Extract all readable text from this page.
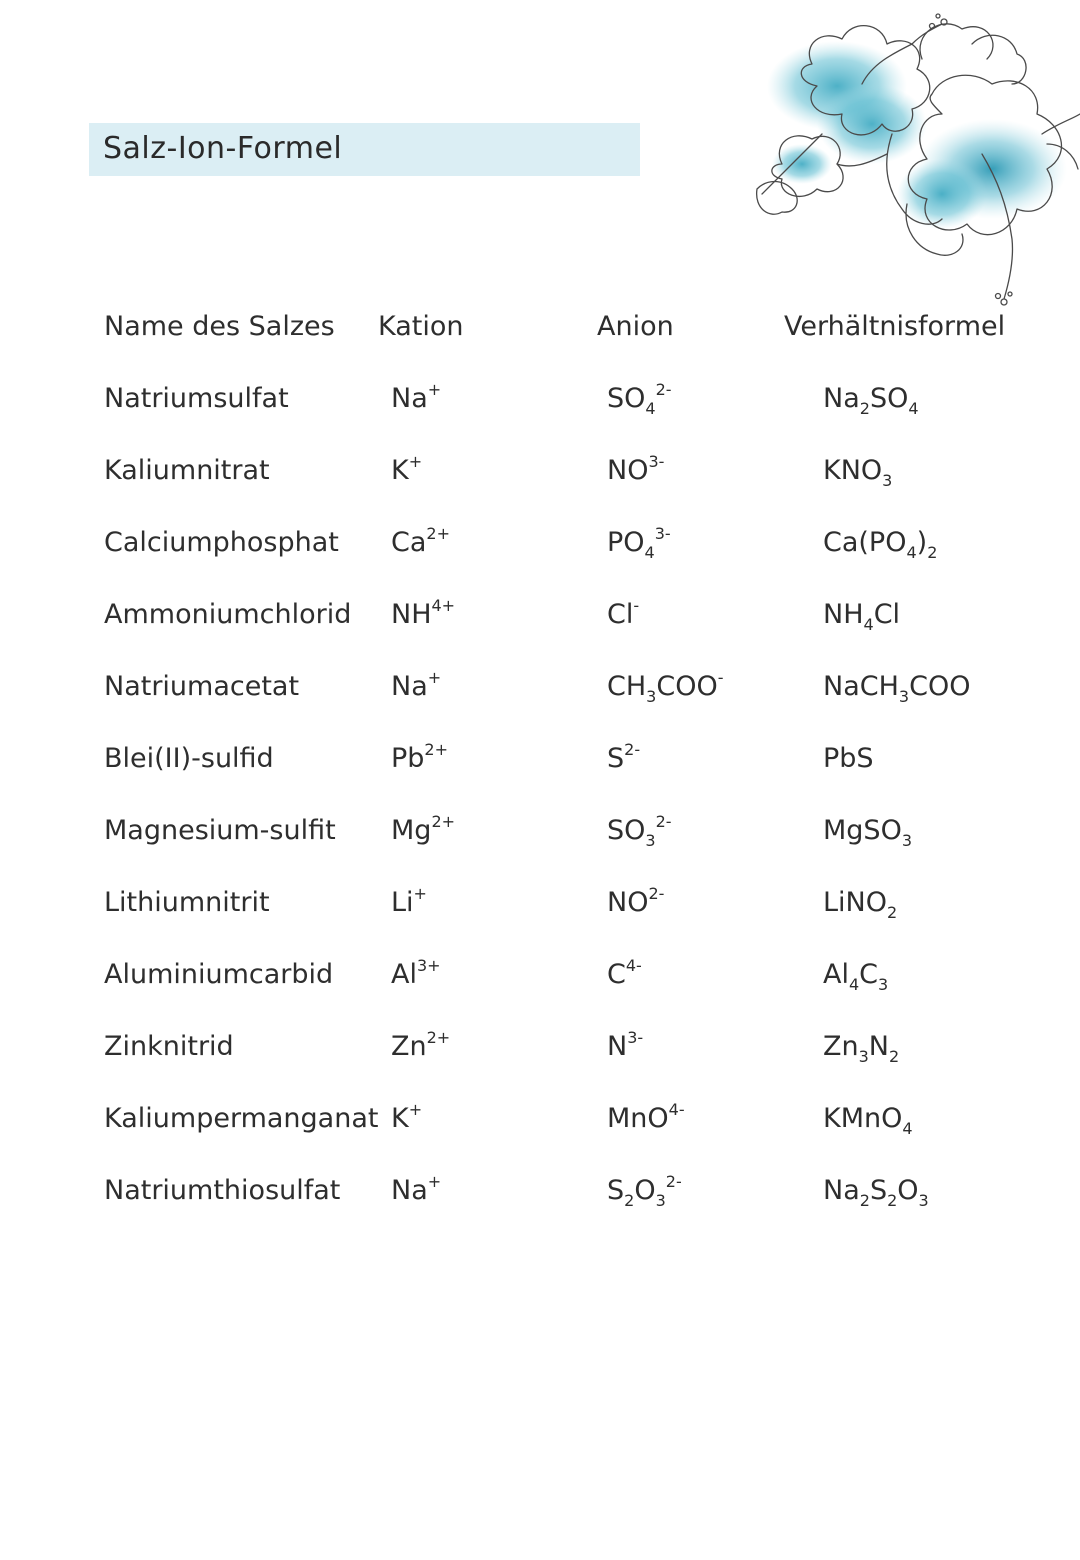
Salz-Ion-Formel
Name des Salzes Kation	Anion	Verhältnisformel
Natriumsulfat	Na+	$SO_4^{2-}$	$Na_2SO_4$
Kaliumnitrat	K+	$NO^{3-}$	$KNO_3$
Calciumphosphat $Ca^{2+}$	$PO_4^{3-}$	$Ca(PO_4)_2$
Ammoniumchlorid $NH^{4+}$	Cl-	$NH_4Cl$
Natriumacetat	Na+	$CH_3COO^-$	NaCH$_3$COO
Blei(II)-sulfid	$Pb^{2+}$	$S^{2-}$	PbS
Magnesium-sulfit $Mg^{2+}$	$SO_3^{2-}$	MgSO$_3$
Lithiumnitrit	Li+	$NO^{2-}$	LiNO$_2$
Aluminiumcarbid $Al^{3+}$	$C^{4-}$	$Al_4C_3$
Zinknitrid	$Zn^{2+}$	$N^{3-}$	$Zn_3N_2$
Kaliumpermanganat K+	MnO$^{4-}$	KMnO$_4$
Natriumthiosulfat Na+	$S_2O_3^{2-}$	$Na_2S_2O_3$
